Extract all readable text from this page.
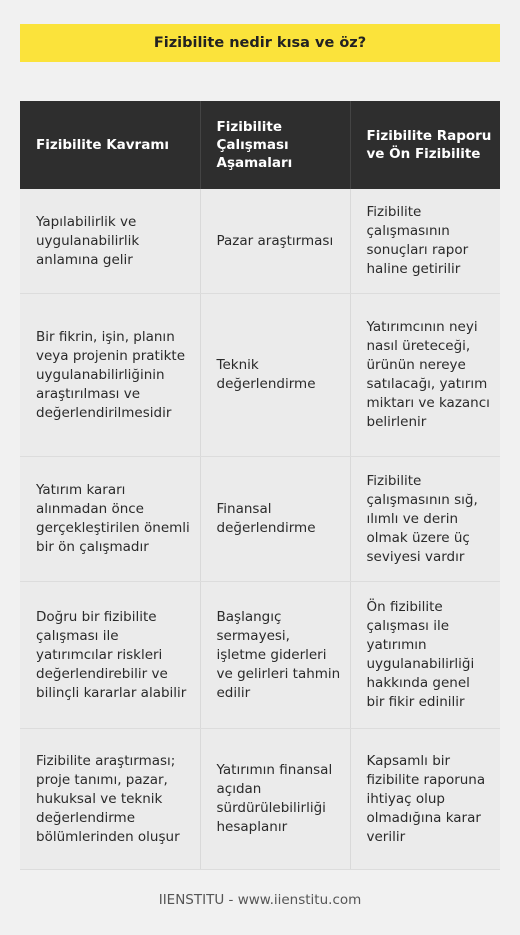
Fizibilite nedir kısa ve öz?
Fizibilite Kavramı	Fizibilite Çalışması Aşamaları	Fizibilite Raporu ve Ön Fizibilite
Yapılabilirlik ve uygulanabilirlik anlamına gelir	Pazar araştırması	Fizibilite çalışmasının sonuçları rapor haline getirilir
Bir fikrin, işin, planın veya projenin pratikte uygulanabilirliğinin araştırılması ve değerlendirilmesidir	Teknik değerlendirme	Yatırımcının neyi nasıl üreteceği, ürünün nereye satılacağı, yatırım miktarı ve kazancı belirlenir
Yatırım kararı alınmadan önce gerçekleştirilen önemli bir ön çalışmadır	Finansal değerlendirme	Fizibilite çalışmasının sığ, ılımlı ve derin olmak üzere üç seviyesi vardır
Doğru bir fizibilite çalışması ile yatırımcılar riskleri değerlendirebilir ve bilinçli kararlar alabilir	Başlangıç sermayesi, işletme giderleri ve gelirleri tahmin edilir	Ön fizibilite çalışması ile yatırımın uygulanabilirliği hakkında genel bir fikir edinilir
Fizibilite araştırması; proje tanımı, pazar, hukuksal ve teknik değerlendirme bölümlerinden oluşur	Yatırımın finansal açıdan sürdürülebilirliği hesaplanır	Kapsamlı bir fizibilite raporuna ihtiyaç olup olmadığına karar verilir
IIENSTITU - www.iienstitu.com
